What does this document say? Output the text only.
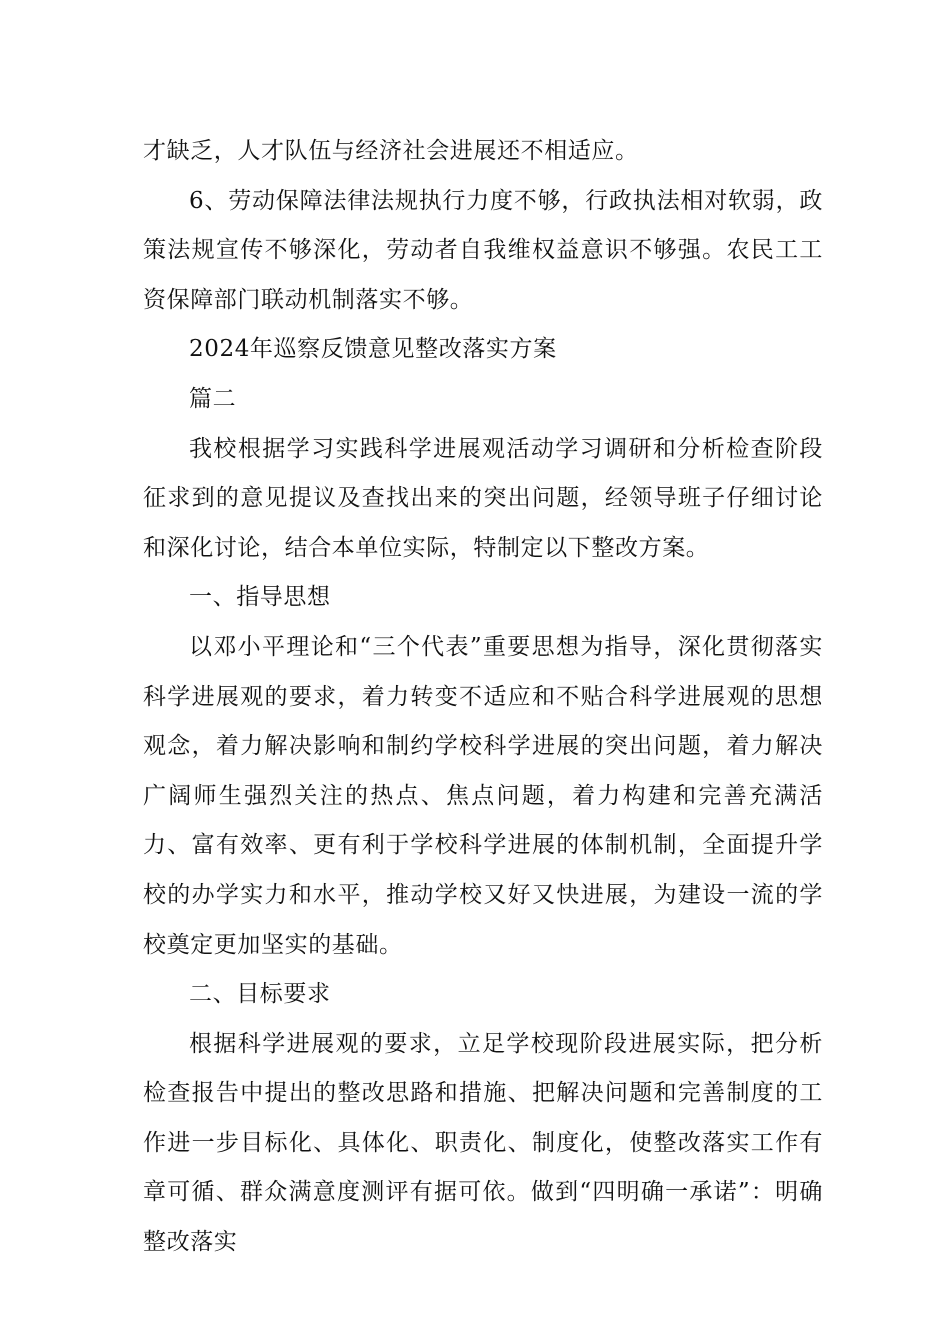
才缺乏，人才队伍与经济社会进展还不相适应。

6、劳动保障法律法规执行力度不够，行政执法相对软弱，政策法规宣传不够深化，劳动者自我维权益意识不够强。农民工工资保障部门联动机制落实不够。

2024年巡察反馈意见整改落实方案

篇二

我校根据学习实践科学进展观活动学习调研和分析检查阶段征求到的意见提议及查找出来的突出问题，经领导班子仔细讨论和深化讨论，结合本单位实际，特制定以下整改方案。

一、指导思想

以邓小平理论和“三个代表”重要思想为指导，深化贯彻落实科学进展观的要求，着力转变不适应和不贴合科学进展观的思想观念，着力解决影响和制约学校科学进展的突出问题，着力解决广阔师生强烈关注的热点、焦点问题，着力构建和完善充满活力、富有效率、更有利于学校科学进展的体制机制，全面提升学校的办学实力和水平，推动学校又好又快进展，为建设一流的学校奠定更加坚实的基础。

二、目标要求

根据科学进展观的要求，立足学校现阶段进展实际，把分析检查报告中提出的整改思路和措施、把解决问题和完善制度的工作进一步目标化、具体化、职责化、制度化，使整改落实工作有章可循、群众满意度测评有据可依。做到“四明确一承诺”：明确整改落实
